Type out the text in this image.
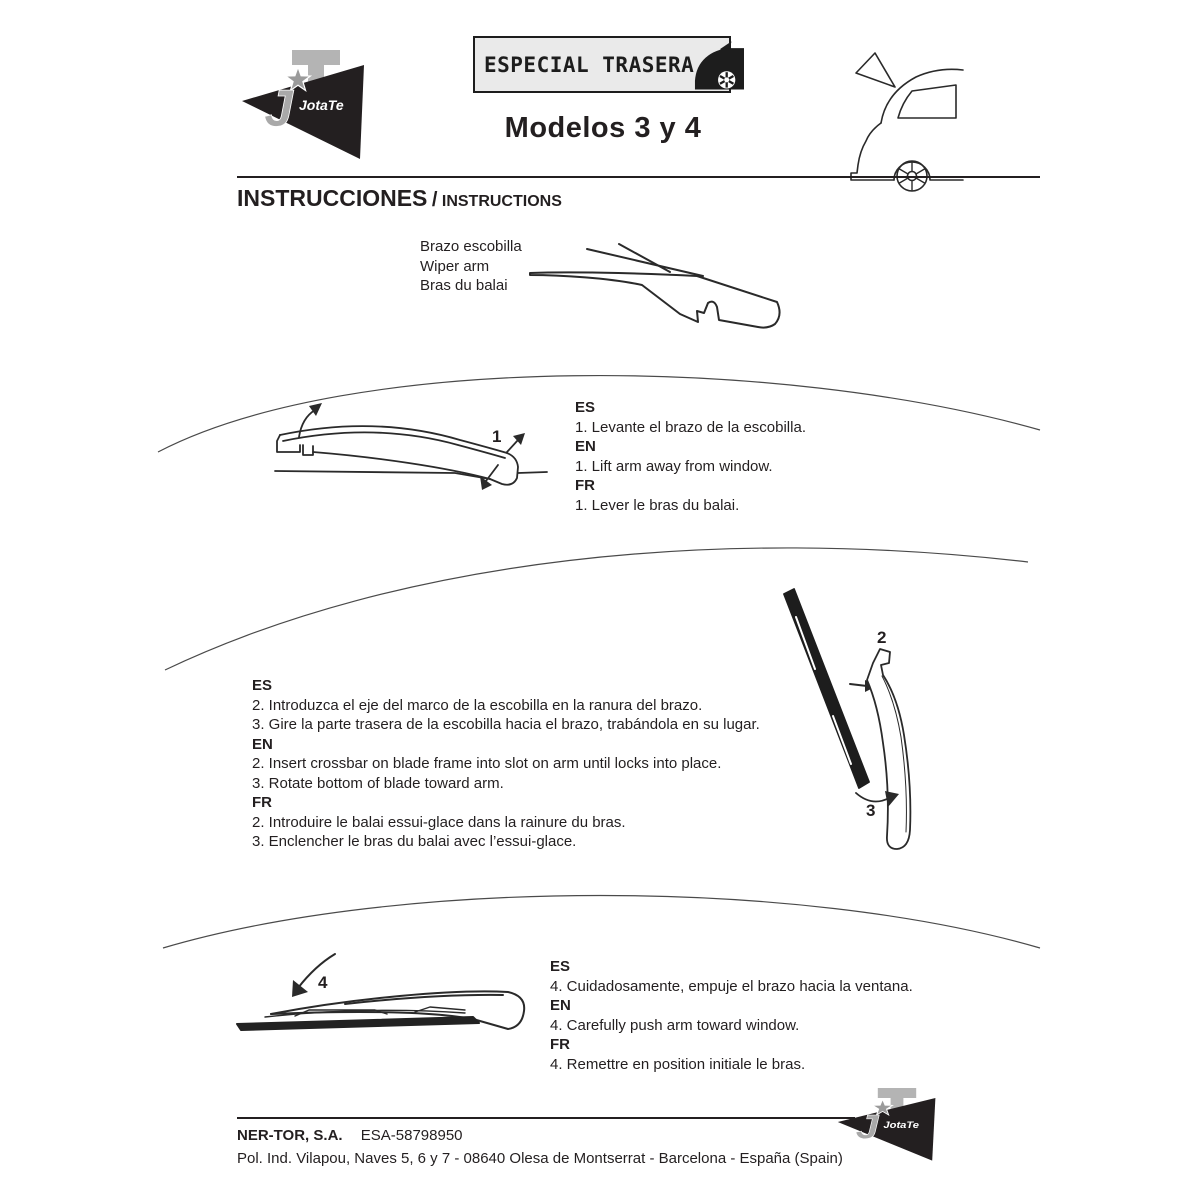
J JotaTe
ESPECIAL TRASERA
Modelos 3 y 4
INSTRUCCIONES / INSTRUCTIONS
Brazo escobilla
Wiper arm
Bras du balai
1
ES
1. Levante el brazo de la escobilla.
EN
1. Lift arm away from window.
FR
1. Lever le bras du balai.
ES
2. Introduzca el eje del marco de la escobilla en la ranura del brazo.
3. Gire la parte trasera de la escobilla hacia el brazo, trabándola en su lugar.
EN
2. Insert crossbar on blade frame into slot on arm until locks into place.
3. Rotate bottom of blade toward arm.
FR
2. Introduire le balai essui-glace dans la rainure du bras.
3. Enclencher le bras du balai avec l’essui-glace.
2
3
4
ES
4. Cuidadosamente, empuje el brazo hacia la ventana.
EN
4. Carefully push arm toward window.
FR
4. Remettre en position initiale le bras.
NER-TOR, S.A. ESA-58798950
Pol. Ind. Vilapou, Naves 5, 6 y 7 - 08640 Olesa de Montserrat - Barcelona - España (Spain)
J JotaTe
